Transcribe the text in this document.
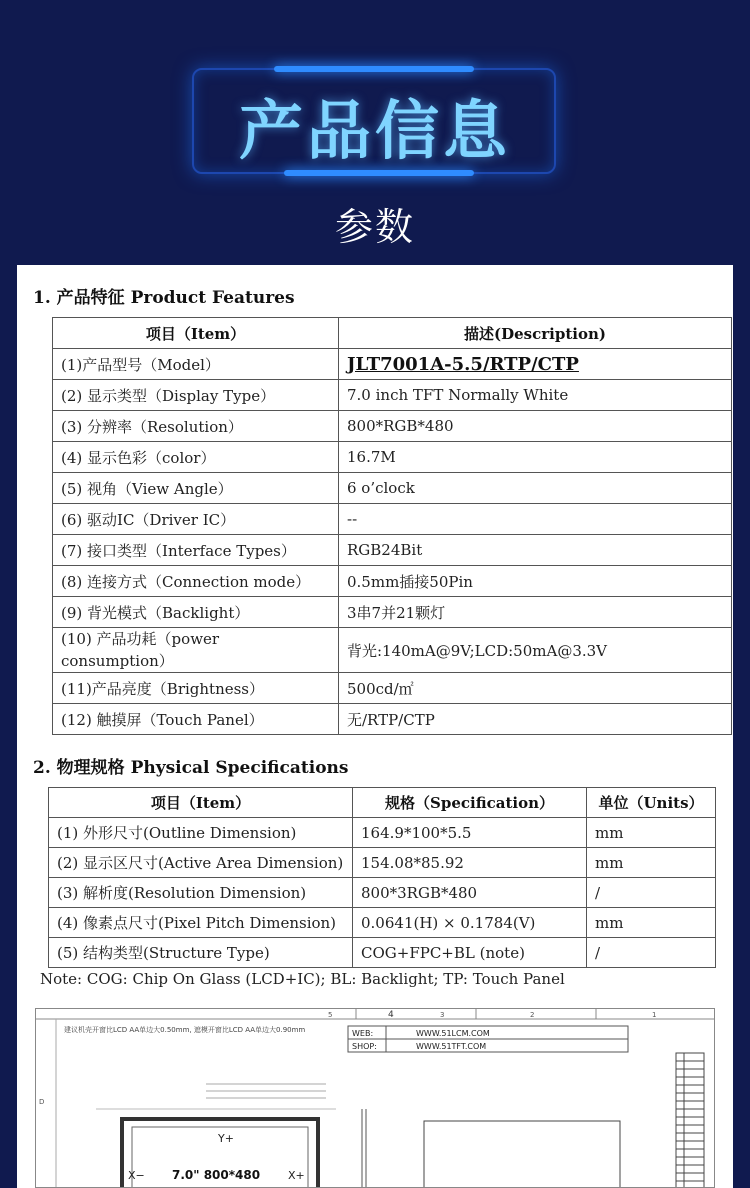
产品信息
参数
1. 产品特征 Product Features
项目（Item）	描述(Description)
(1)产品型号（Model）	JLT7001A-5.5/RTP/CTP
(2) 显示类型（Display Type）	7.0 inch TFT Normally White
(3) 分辨率（Resolution）	800*RGB*480
(4) 显示色彩（color）	16.7M
(5) 视角（View Angle）	6 o’clock
(6) 驱动IC（Driver IC）	--
(7) 接口类型（Interface Types）	RGB24Bit
(8) 连接方式（Connection mode）	0.5mm插接50Pin
(9) 背光模式（Backlight）	3串7并21颗灯

(10) 产品功耗（power
consumption）	背光:140mA@9V;LCD:50mA@3.3V
(11)产品亮度（Brightness）	500cd/㎡
(12) 触摸屏（Touch Panel）	无/RTP/CTP
2. 物理规格 Physical Specifications
项目（Item）	规格（Specification）	单位（Units）
(1) 外形尺寸(Outline Dimension)	164.9*100*5.5	mm
(2) 显示区尺寸(Active Area Dimension)	154.08*85.92	mm
(3) 解析度(Resolution Dimension)	800*3RGB*480	/
(4) 像素点尺寸(Pixel Pitch Dimension)	0.0641(H) × 0.1784(V)	mm
(5) 结构类型(Structure Type)	COG+FPC+BL (note)	/
Note: COG: Chip On Glass (LCD+IC); BL: Backlight; TP: Touch Panel
5	4	3	2	1
D
建议机壳开窗比LCD AA单边大0.50mm, 遮模开窗比LCD AA单边大0.90mm	WEB:	WWW.51LCM.COM
SHOP:	WWW.51TFT.COM
Y+
X−	X+
7.0" 800*480
